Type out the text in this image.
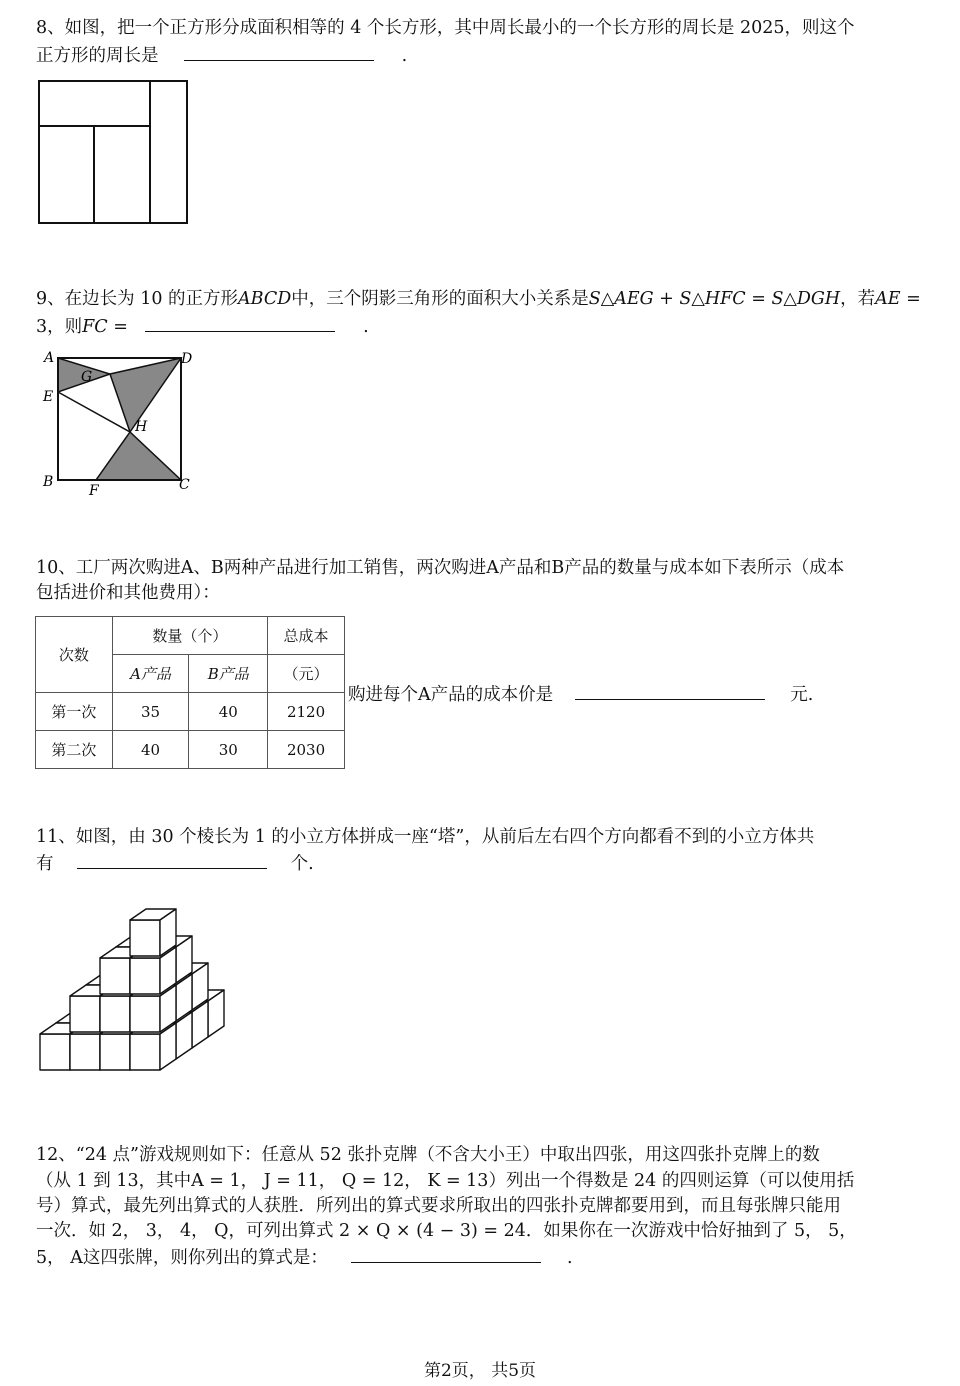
8、如图，把一个正方形分成面积相等的 4 个长方形，其中周长最小的一个长方形的周长是 2025，则这个
正方形的周长是	.
9、在边长为 10 的正方形ABCD中，三个阴影三角形的面积大小关系是S△AEG + S△HFC = S△DGH，若AE =
3，则FC =	.
A	D
E
G
H
B
F	C
10、工厂两次购进A、B两种产品进行加工销售，两次购进A产品和B产品的数量与成本如下表所示（成本
包括进价和其他费用）：
次数	数量（个）		总成本
	A产品	B产品	（元）
第一次	35	40	2120
第二次	40	30	2030
购进每个A产品的成本价是	元.
11、如图，由 30 个棱长为 1 的小立方体拼成一座“塔”，从前后左右四个方向都看不到的小立方体共
有	个.
12、“24 点”游戏规则如下：任意从 52 张扑克牌（不含大小王）中取出四张，用这四张扑克牌上的数
（从 1 到 13，其中A = 1， J = 11， Q = 12， K = 13）列出一个得数是 24 的四则运算（可以使用括
号）算式，最先列出算式的人获胜．所列出的算式要求所取出的四张扑克牌都要用到，而且每张牌只能用
一次．如 2， 3， 4， Q，可列出算式 2 × Q × (4 − 3) = 24．如果你在一次游戏中恰好抽到了 5， 5，
5， A这四张牌，则你列出的算式是：	.
第2页， 共5页
